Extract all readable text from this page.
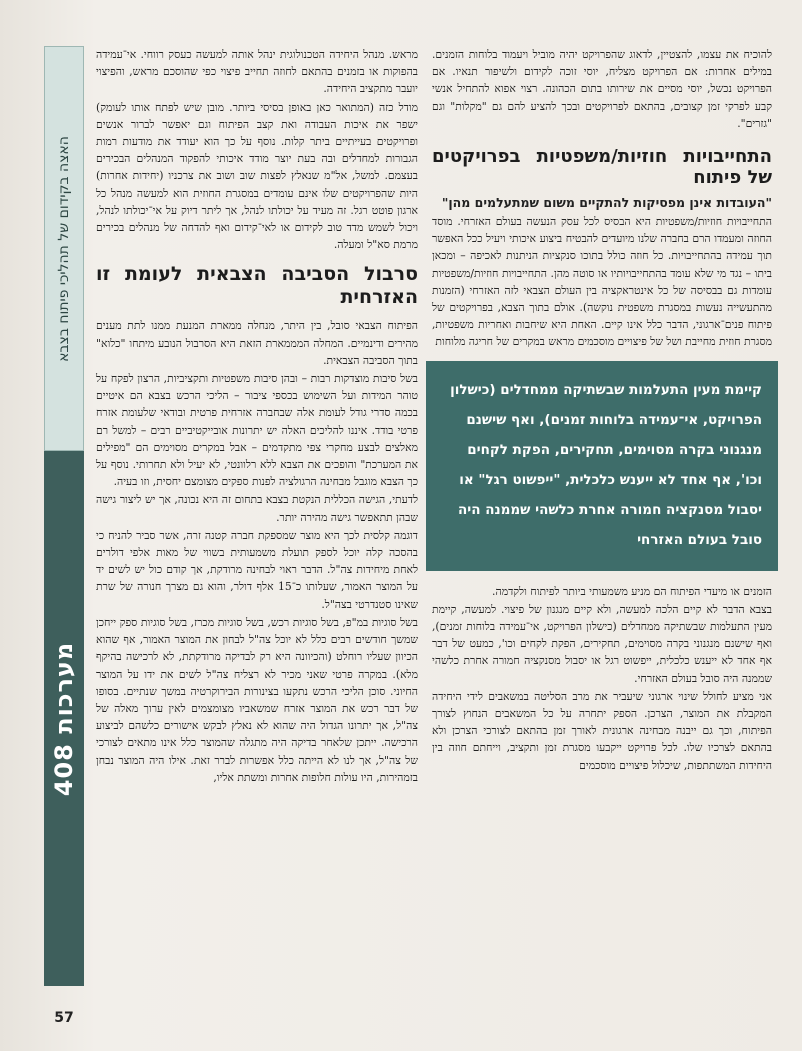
האצה בקידום של תהליכי פיתוח בצבא
מערכות 408
57

מראש. מנהל היחידה הטכנולוגית ינהל אותה למעשה כעסק רווחי. אי־עמידה בהפוקות או בזמנים בהתאם לחוזה תחייב פיצוי כפי שהוסכם מראש, והפיצוי יועבר מתקציב היחידה.

מודל כזה (המתואר כאן באופן בסיסי ביותר. מובן שיש לפתח אותו לעומק) ישפר את איכות העבודה ואת קצב הפיתוח וגם יאפשר לברור אנשים ופרויקטים בעייתיים ביתר קלות. נוסף על כך הוא יעודד את מודעות רמות הגבורות למחדלים ובה בעת יוצר מודד איכותי להפקוד המנהלים הבכירים בעצמם. למשל, אל"מ שנאלץ לפצות שוב ושוב את צרכניו (יחידות אחרות) היות שהפרויקטים שלו אינם עומדים במסגרת החוזית הוא למעשה מנהל כל ארגון פוטט רגל. זה מעיד על יכולתו לנהל, אך ליתר דיוק על אי־יכולתו לנהל, ויכול לשמש מדד טוב לקידום או לאי־קידום ואף להדחה של מנהלים בכירים מרמת סא"ל ומעלה.

סרבול הסביבה הצבאית לעומת זו האזרחית

הפיתוח הצבאי סובל, בין היתר, מנחלה ממארת המנעת ממנו לתת מענים מהירים ודינמיים. המחלה המממארת הזאת היא הסרבול הנובע מיתחו "כלוא" בתוך הסביבה הצבאית.

בשל סיבות מוצדקות רבות – ובהן סיבות משפטיות ותקציביות, הרצון לפקח על טוהר המידות ועל השימוש בכספי ציבור – הליכי הרכש בצבא הם איטיים בכמה סדרי גודל לעומת אלה שבחברה אזרחית פרטית ובודאי שלעומת אזרח פרטי בודד. איננו להליכים האלה יש יתרונות אובייקטיביים רבים – למשל רם מאלצים לבצע מחקרי צפי מתקדמים – אבל במקרים מסוימים הם "מפילים את המערכת" והופכים את הצבא ללא רלוונטי, לא יעיל ולא תחרותי. נוסף על כך הצבא מוגבל מבחינה הרגולציה לפנות ספקים מצומצם יחסית, וזו בעיה.

לדעתי, הגישה הכללית הנקטת בצבא בתחום זה היא נכונה, אך יש ליצור גישה שבהן תתאפשר גישה מהירה יותר.

דוגמה קלסית לכך היא מוצר שמספקת חברה קטנה זרה, אשר סביר להניח כי בהסכה קלה יוכל לספק תועלת משמעותית בשווי של מאות אלפי דולרים לאחת מיחידות צה"ל. הדבר ראוי לבחינה מרודקת, אך קודם כול יש לשים יד על המוצר האמור, שעלותו כ־15 אלף דולר, והוא גם מצרך חנורה של שרת שאינו סטנדרטי בצה"ל.

בשל סוגיות במ"פ, בשל סוגיות רכש, בשל סוגיות מכרז, בשל סוגיות ספק ייחכן שמשך חודשים רבים כלל לא יוכל צה"ל לבחון את המוצר האמור, אף שהוא הכיוון שעליו רוחלט (והכיוונה היא רק לבדיקה מרודקתת, לא לרכישה בהיקף מלא). במקרה פרטי שאני מכיר לא רצליח צה"ל לשים את ידו על המוצר החיוני. סוכן הליכי הרכש נתקעו בצינורות הבירוקרטיה במשך שנתיים. בסופו של דבר רכש את המוצר אזרח שמשאביו מצומצמים לאין ערוך מאלה של צה"ל, אך יתרונו הגדול היה שהוא לא נאלץ לבקש אישורים כלשהם לביצוע הרכישה. ייתכן שלאחר בדיקה היה מתגלה שהמוצר כלל אינו מתאים לצורכי של צה"ל, אך לנו לא הייתה כלל אפשרות לברר זאת. אילו היה המוצר נבחן בזמהירות, היו עולות חלופות אחרות ומשתת אליו,

להוכיח את עצמו, להצטיין, לדאוג שהפרויקט יהיה מוביל ויעמוד בלוחות הזמנים. במילים אחרות: אם הפרויקט מצליח, יוסי זוכה לקידום ולשיפור תנאיו. אם הפרויקט נכשל, יוסי מסיים את שירותו בתום הכהונה. רצוי אפוא להתחיל אנשי קבע לפרקי זמן קצובים, בהתאם לפרויקטים ובכך להציע להם גם "מקלות" וגם "גזרים".

התחייבויות חוזיות/משפטיות בפרויקטים של פיתוח
"העובדות אינן מפסיקות להתקיים משום שמתעלמים מהן"

התחייבויות חוזיות/משפטיות היא הבסיס לכל עסק הנעשה בעולם האזרחי. מוסד החוזה ומעמדו הרם בחברה שלנו מיועדים להבטיח ביצוע איכותי ויעיל ככל האפשר תוך עמידה בהתחייבויות. כל חוזה כולל בתוכו סנקציות הניתנות לאכיפה – ומכאן ביתו – נגד מי שלא עומד בהתחייבויותיו או סוטה מהן. התחייבויות חוזיות/משפטיות עומדות גם בבסיסה של כל אינטראקציה בין העולם הצבאי לזה האזרחי (הזמנות מהתעשייה נעשות במסגרת משפטית נוקשה). אולם בתוך הצבא, בפרויקטים של פיתוח פנים־ארגוני, הדבר כלל אינו קיים. האחת היא שיחבות ואחריות משפטיות, מסגרת חוזית מחייבת ושל של פיצויים מוסכמים מראש במקרים של חריגה מלוחות

קיימת מעין התעלמות שבשתיקה ממחדלים (כישלון הפרויקט, אי־עמידה בלוחות זמנים), ואף שישנם מנגנוני בקרה מסוימים, תחקירים, הפקת לקחים וכו', אף אחד לא ייענש כלכלית, "ייפשוט רגל" או יסבול מסנקציה חמורה אחרת כלשהי שממנה היה סובל בעולם האזרחי

הזמנים או מיעדי הפיתוח הם מניע משמעותי ביותר לפיתוח ולקדמה.

בצבא הדבר לא קיים הלכה למעשה, ולא קיים מנגנון של פיצוי. למעשה, קיימת מעין התעלמות שבשתיקה ממחדלים (כישלון הפרויקט, אי־עמידה בלוחות זמנים), ואף שישנם מנגנוני בקרה מסוימים, תחקירים, הפקת לקחים וכו', כמעט של דבר אף אחד לא ייענש כלכלית, ייפשוט רגל או יסבול מסנקציה חמורה אחרת כלשהי שממנה היה סובל בעולם האזרחי.

אני מציע לחולל שינוי ארגוני שיעביר את מרב הסליטה במשאבים לידי היחידה המקבלת את המוצר, הצרכן. הספק יתחרה על כל המשאבים הנחוץ לצורך הפיתוח, וכך גם ייבנה מבחינה ארגונית לאורך זמן בהתאם לצורכי הצרכן ולא בהתאם לצרכיו שלו. לכל פרויקט ייקבעו מסגרת זמן ותקציב, וייחתם חוזה בין היחידות המשתתפות, שיכלול פיצויים מוסכמים
